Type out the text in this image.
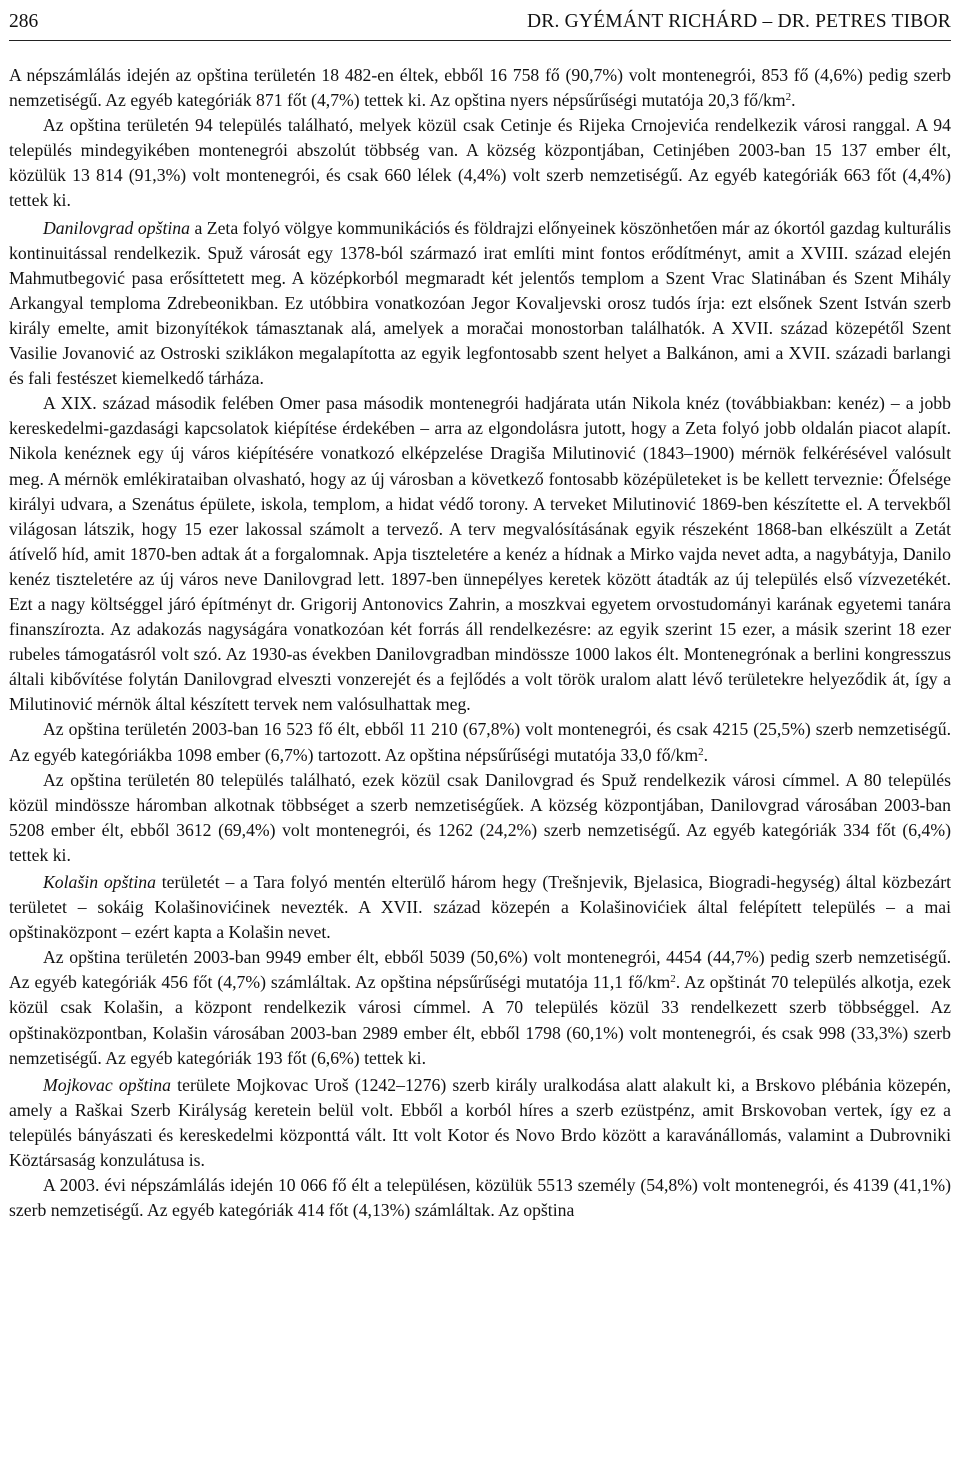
286	DR. GYÉMÁNT RICHÁRD – DR. PETRES TIBOR

A népszámlálás idején az opština területén 18 482-en éltek, ebből 16 758 fő (90,7%) volt montenegrói, 853 fő (4,6%) pedig szerb nemzetiségű. Az egyéb kategóriák 871 főt (4,7%) tettek ki. Az opština nyers népsűrűségi mutatója 20,3 $fő/km^2$.

Az opština területén 94 település található, melyek közül csak Cetinje és Rijeka Crnojevića rendelkezik városi ranggal. A 94 település mindegyikében montenegrói abszolút többség van. A község központjában, Cetinjében 2003-ban 15 137 ember élt, közülük 13 814 (91,3%) volt montenegrói, és csak 660 lélek (4,4%) volt szerb nemzetiségű. Az egyéb kategóriák 663 főt (4,4%) tettek ki.

Danilovgrad opština a Zeta folyó völgye kommunikációs és földrajzi előnyeinek köszönhetően már az ókortól gazdag kulturális kontinuitással rendelkezik. Spuž városát egy 1378-ból származó irat említi mint fontos erődítményt, amit a XVIII. század elején Mahmutbegović pasa erősíttetett meg. A középkorból megmaradt két jelentős templom a Szent Vrac Slatinában és Szent Mihály Arkangyal temploma Zdrebeonikban. Ez utóbbira vonatkozóan Jegor Kovaljevski orosz tudós írja: ezt elsőnek Szent István szerb király emelte, amit bizonyítékok támasztanak alá, amelyek a moračai monostorban találhatók. A XVII. század közepétől Szent Vasilie Jovanović az Ostroski sziklákon megalapította az egyik legfontosabb szent helyet a Balkánon, ami a XVII. századi barlangi és fali festészet kiemelkedő tárháza.

A XIX. század második felében Omer pasa második montenegrói hadjárata után Nikola knéz (továbbiakban: kenéz) – a jobb kereskedelmi-gazdasági kapcsolatok kiépítése érdekében – arra az elgondolásra jutott, hogy a Zeta folyó jobb oldalán piacot alapít. Nikola kenéznek egy új város kiépítésére vonatkozó elképzelése Dragiša Milutinović (1843–1900) mérnök felkérésével valósult meg. A mérnök emlékirataiban olvasható, hogy az új városban a következő fontosabb középületeket is be kellett terveznie: Őfelsége királyi udvara, a Szenátus épülete, iskola, templom, a hidat védő torony. A terveket Milutinović 1869-ben készítette el. A tervekből világosan látszik, hogy 15 ezer lakossal számolt a tervező. A terv megvalósításának egyik részeként 1868-ban elkészült a Zetát átívelő híd, amit 1870-ben adtak át a forgalomnak. Apja tiszteletére a kenéz a hídnak a Mirko vajda nevet adta, a nagybátyja, Danilo kenéz tiszteletére az új város neve Danilovgrad lett. 1897-ben ünnepélyes keretek között átadták az új település első vízvezetékét. Ezt a nagy költséggel járó építményt dr. Grigorij Antonovics Zahrin, a moszkvai egyetem orvostudományi karának egyetemi tanára finanszírozta. Az adakozás nagyságára vonatkozóan két forrás áll rendelkezésre: az egyik szerint 15 ezer, a másik szerint 18 ezer rubeles támogatásról volt szó. Az 1930-as években Danilovgradban mindössze 1000 lakos élt. Montenegrónak a berlini kongresszus általi kibővítése folytán Danilovgrad elveszti vonzerejét és a fejlődés a volt török uralom alatt lévő területekre helyeződik át, így a Milutinović mérnök által készített tervek nem valósulhattak meg.

Az opština területén 2003-ban 16 523 fő élt, ebből 11 210 (67,8%) volt montenegrói, és csak 4215 (25,5%) szerb nemzetiségű. Az egyéb kategóriákba 1098 ember (6,7%) tartozott. Az opština népsűrűségi mutatója 33,0 $fő/km^2$.

Az opština területén 80 település található, ezek közül csak Danilovgrad és Spuž rendelkezik városi címmel. A 80 település közül mindössze háromban alkotnak többséget a szerb nemzetiségűek. A község központjában, Danilovgrad városában 2003-ban 5208 ember élt, ebből 3612 (69,4%) volt montenegrói, és 1262 (24,2%) szerb nemzetiségű. Az egyéb kategóriák 334 főt (6,4%) tettek ki.

Kolašin opština területét – a Tara folyó mentén elterülő három hegy (Trešnjevik, Bjelasica, Biogradi-hegység) által közbezárt területet – sokáig Kolašinovićinek nevezték. A XVII. század közepén a Kolašinovićiek által felépített település – a mai opštinaközpont – ezért kapta a Kolašin nevet.

Az opština területén 2003-ban 9949 ember élt, ebből 5039 (50,6%) volt montenegrói, 4454 (44,7%) pedig szerb nemzetiségű. Az egyéb kategóriák 456 főt (4,7%) számláltak. Az opština népsűrűségi mutatója 11,1 $fő/km^2$. Az opštinát 70 település alkotja, ezek közül csak Kolašin, a központ rendelkezik városi címmel. A 70 település közül 33 rendelkezett szerb többséggel. Az opštinaközpontban, Kolašin városában 2003-ban 2989 ember élt, ebből 1798 (60,1%) volt montenegrói, és csak 998 (33,3%) szerb nemzetiségű. Az egyéb kategóriák 193 főt (6,6%) tettek ki.

Mojkovac opština területe Mojkovac Uroš (1242–1276) szerb király uralkodása alatt alakult ki, a Brskovo plébánia közepén, amely a Raškai Szerb Királyság keretein belül volt. Ebből a korból híres a szerb ezüstpénz, amit Brskovoban vertek, így ez a település bányászati és kereskedelmi központtá vált. Itt volt Kotor és Novo Brdo között a karavánállomás, valamint a Dubrovniki Köztársaság konzulátusa is.

A 2003. évi népszámlálás idején 10 066 fő élt a településen, közülük 5513 személy (54,8%) volt montenegrói, és 4139 (41,1%) szerb nemzetiségű. Az egyéb kategóriák 414 főt (4,13%) számláltak. Az opština
